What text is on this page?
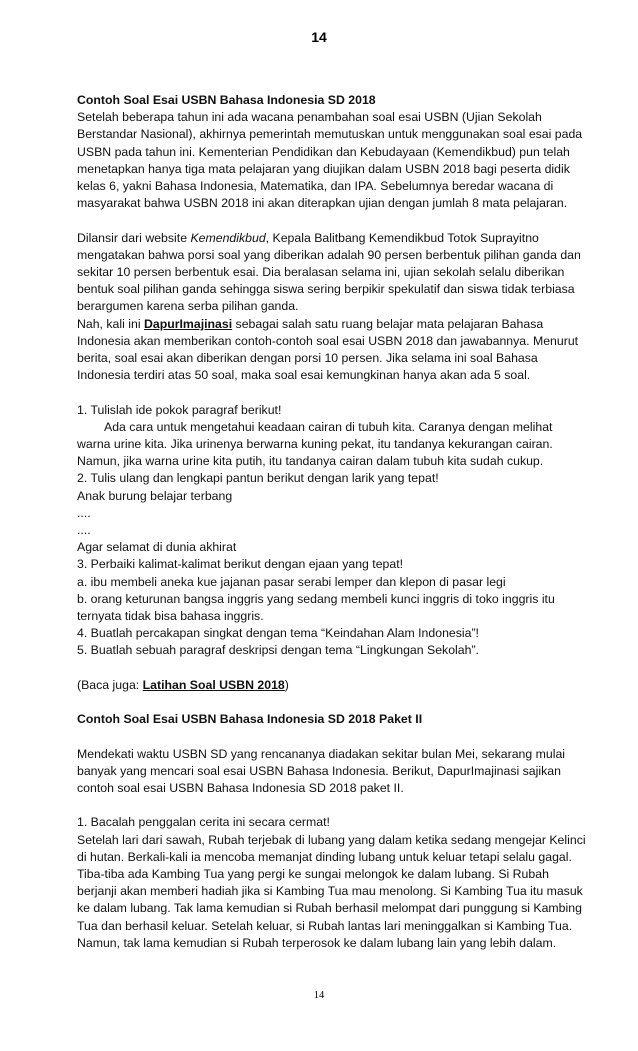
14

Contoh Soal Esai USBN Bahasa Indonesia SD 2018

Setelah beberapa tahun ini ada wacana penambahan soal esai USBN (Ujian Sekolah Berstandar Nasional), akhirnya pemerintah memutuskan untuk menggunakan soal esai pada USBN pada tahun ini. Kementerian Pendidikan dan Kebudayaan (Kemendikbud) pun telah menetapkan hanya tiga mata pelajaran yang diujikan dalam USBN 2018 bagi peserta didik kelas 6, yakni Bahasa Indonesia, Matematika, dan IPA. Sebelumnya beredar wacana di masyarakat bahwa USBN 2018 ini akan diterapkan ujian dengan jumlah 8 mata pelajaran.

Dilansir dari website Kemendikbud, Kepala Balitbang Kemendikbud Totok Suprayitno mengatakan bahwa porsi soal yang diberikan adalah 90 persen berbentuk pilihan ganda dan sekitar 10 persen berbentuk esai. Dia beralasan selama ini, ujian sekolah selalu diberikan bentuk soal pilihan ganda sehingga siswa sering berpikir spekulatif dan siswa tidak terbiasa berargumen karena serba pilihan ganda.

Nah, kali ini DapurImajinasi sebagai salah satu ruang belajar mata pelajaran Bahasa Indonesia akan memberikan contoh-contoh soal esai USBN 2018 dan jawabannya. Menurut berita, soal esai akan diberikan dengan porsi 10 persen. Jika selama ini soal Bahasa Indonesia terdiri atas 50 soal, maka soal esai kemungkinan hanya akan ada 5 soal.

1. Tulislah ide pokok paragraf berikut!

Ada cara untuk mengetahui keadaan cairan di tubuh kita. Caranya dengan melihat warna urine kita. Jika urinenya berwarna kuning pekat, itu tandanya kekurangan cairan. Namun, jika warna urine kita putih, itu tandanya cairan dalam tubuh kita sudah cukup.

2. Tulis ulang dan lengkapi pantun berikut dengan larik yang tepat!

Anak burung belajar terbang

....

....

Agar selamat di dunia akhirat

3. Perbaiki kalimat-kalimat berikut dengan ejaan yang tepat!

a. ibu membeli aneka kue jajanan pasar serabi lemper dan klepon di pasar legi

b. orang keturunan bangsa inggris yang sedang membeli kunci inggris di toko inggris itu ternyata tidak bisa bahasa inggris.

4. Buatlah percakapan singkat dengan tema “Keindahan Alam Indonesia”!

5. Buatlah sebuah paragraf deskripsi dengan tema “Lingkungan Sekolah”.

(Baca juga: Latihan Soal USBN 2018)

Contoh Soal Esai USBN Bahasa Indonesia SD 2018 Paket II

Mendekati waktu USBN SD yang rencananya diadakan sekitar bulan Mei, sekarang mulai banyak yang mencari soal esai USBN Bahasa Indonesia. Berikut, DapurImajinasi sajikan contoh soal esai USBN Bahasa Indonesia SD 2018 paket II.

1. Bacalah penggalan cerita ini secara cermat!

Setelah lari dari sawah, Rubah terjebak di lubang yang dalam ketika sedang mengejar Kelinci di hutan. Berkali-kali ia mencoba memanjat dinding lubang untuk keluar tetapi selalu gagal. Tiba-tiba ada Kambing Tua yang pergi ke sungai melongok ke dalam lubang. Si Rubah berjanji akan memberi hadiah jika si Kambing Tua mau menolong. Si Kambing Tua itu masuk ke dalam lubang. Tak lama kemudian si Rubah berhasil melompat dari punggung si Kambing Tua dan berhasil keluar. Setelah keluar, si Rubah lantas lari meninggalkan si Kambing Tua. Namun, tak lama kemudian si Rubah terperosok ke dalam lubang lain yang lebih dalam.

14
